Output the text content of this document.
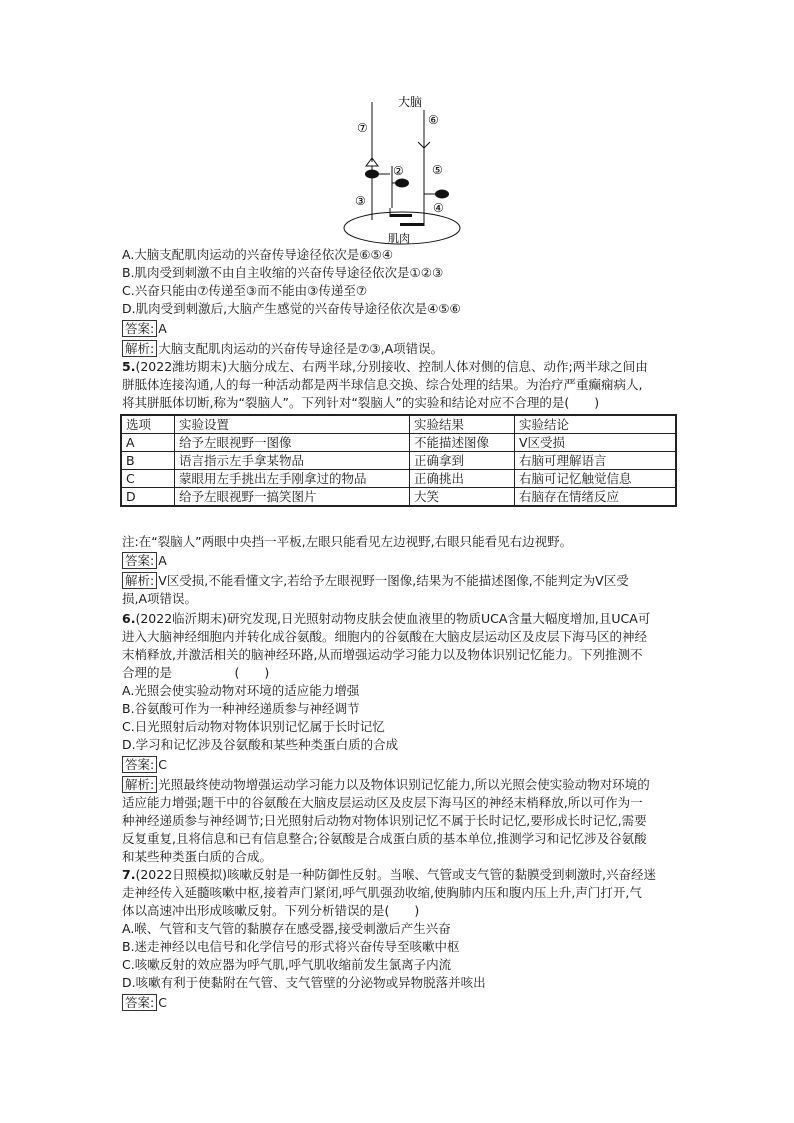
大脑
肌肉
⑦
⑥
② ⑤
③	④
A.大脑支配肌肉运动的兴奋传导途径依次是⑥⑤④
B.肌肉受到刺激不由自主收缩的兴奋传导途径依次是①②③
C.兴奋只能由⑦传递至③而不能由③传递至⑦
D.肌肉受到刺激后,大脑产生感觉的兴奋传导途径依次是④⑤⑥
答案: A
解析: 大脑支配肌肉运动的兴奋传导途径是⑦③,A项错误。
5.(2022潍坊期末)大脑分成左、右两半球,分别接收、控制人体对侧的信息、动作;两半球之间由
胼胝体连接沟通,人的每一种活动都是两半球信息交换、综合处理的结果。为治疗严重癫痫病人,
将其胼胝体切断,称为“裂脑人”。下列针对“裂脑人”的实验和结论对应不合理的是(　　)
选项	实验设置	实验结果	实验结论
A	给予左眼视野一图像	不能描述图像	V区受损
B	语言指示左手拿某物品	正确拿到	右脑可理解语言
C	蒙眼用左手挑出左手刚拿过的物品	正确挑出	右脑可记忆触觉信息
D	给予左眼视野一搞笑图片	大笑	右脑存在情绪反应
注:在“裂脑人”两眼中央挡一平板,左眼只能看见左边视野,右眼只能看见右边视野。
答案: A
解析: V区受损,不能看懂文字,若给予左眼视野一图像,结果为不能描述图像,不能判定为V区受
损,A项错误。
6.(2022临沂期末)研究发现,日光照射动物皮肤会使血液里的物质UCA含量大幅度增加,且UCA可
进入大脑神经细胞内并转化成谷氨酸。细胞内的谷氨酸在大脑皮层运动区及皮层下海马区的神经
末梢释放,并激活相关的脑神经环路,从而增强运动学习能力以及物体识别记忆能力。下列推测不
合理的是　　　　　(　　)
A.光照会使实验动物对环境的适应能力增强
B.谷氨酸可作为一种神经递质参与神经调节
C.日光照射后动物对物体识别记忆属于长时记忆
D.学习和记忆涉及谷氨酸和某些种类蛋白质的合成
答案: C
解析: 光照最终使动物增强运动学习能力以及物体识别记忆能力,所以光照会使实验动物对环境的
适应能力增强;题干中的谷氨酸在大脑皮层运动区及皮层下海马区的神经末梢释放,所以可作为一
种神经递质参与神经调节;日光照射后动物对物体识别记忆不属于长时记忆,要形成长时记忆,需要
反复重复,且将信息和已有信息整合;谷氨酸是合成蛋白质的基本单位,推测学习和记忆涉及谷氨酸
和某些种类蛋白质的合成。
7.(2022日照模拟)咳嗽反射是一种防御性反射。当喉、气管或支气管的黏膜受到刺激时,兴奋经迷
走神经传入延髓咳嗽中枢,接着声门紧闭,呼气肌强劲收缩,使胸肺内压和腹内压上升,声门打开,气
体以高速冲出形成咳嗽反射。下列分析错误的是(　　)
A.喉、气管和支气管的黏膜存在感受器,接受刺激后产生兴奋
B.迷走神经以电信号和化学信号的形式将兴奋传导至咳嗽中枢
C.咳嗽反射的效应器为呼气肌,呼气肌收缩前发生氯离子内流
D.咳嗽有利于使黏附在气管、支气管壁的分泌物或异物脱落并咳出
答案: C
